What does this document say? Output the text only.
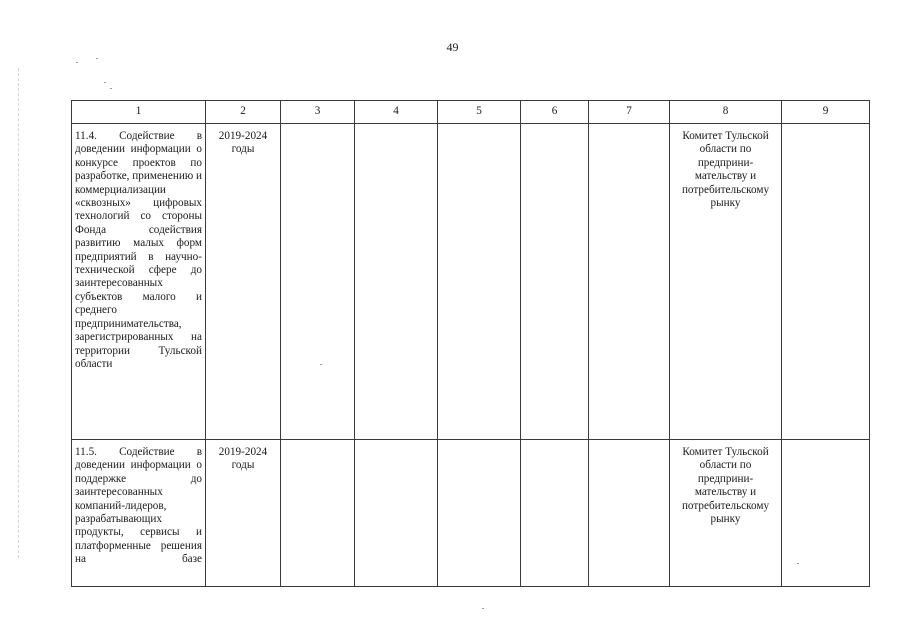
49
1	2	3	4	5	6	7	8	9
11.4. Содействие в доведении информации о конкурсе проектов по разработке, применению и коммерциализации «сквозных» цифровых технологий со стороны Фонда содействия развитию малых форм предприятий в научно-технической сфере до заинтересованных субъектов малого и среднего предпринимательства, зарегистрированных на территории Тульской области	2019-2024 годы						Комитет Тульской области по предприни-мательству и потребительскому рынку	
11.5. Содействие в доведении информации о поддержке до заинтересованных компаний-лидеров, разрабатывающих продукты, сервисы и платформенные решения на базе	2019-2024 годы						Комитет Тульской области по предприни-мательству и потребительскому рынку	
